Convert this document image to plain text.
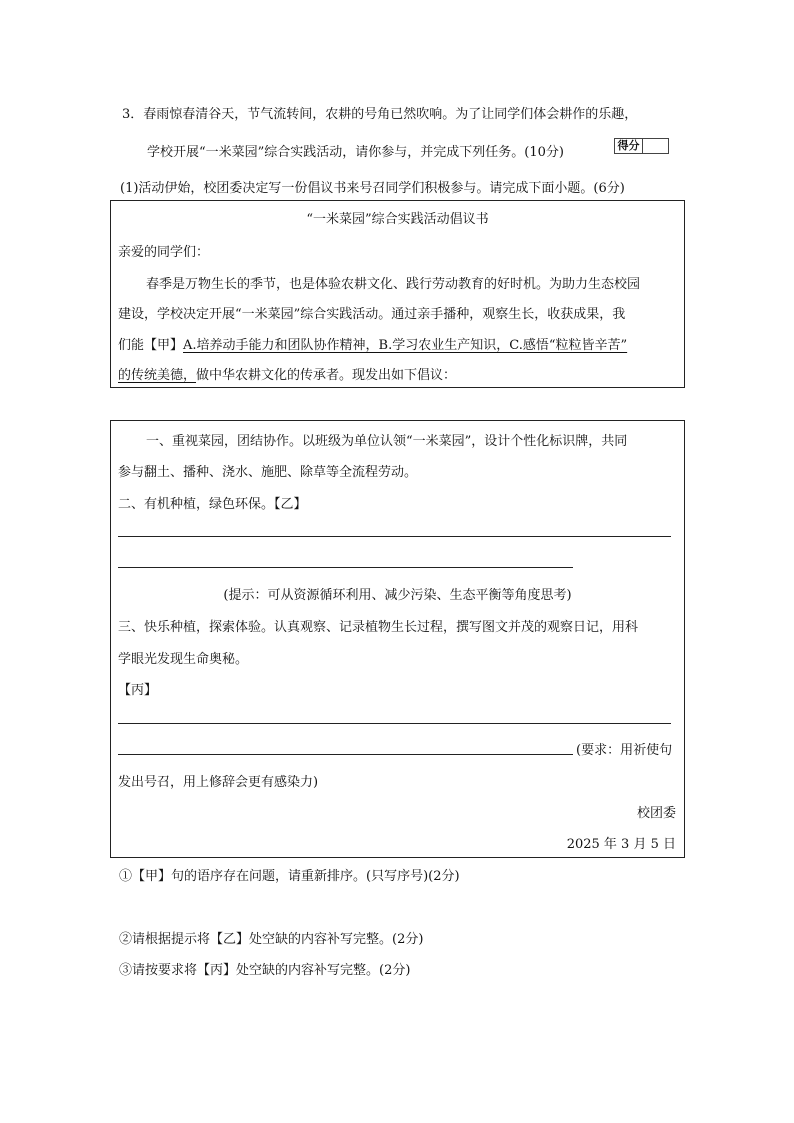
3．春雨惊春清谷天，节气流转间，农耕的号角已然吹响。为了让同学们体会耕作的乐趣，
学校开展“一米菜园”综合实践活动，请你参与，并完成下列任务。(10分)	得分
(1)活动伊始，校团委决定写一份倡议书来号召同学们积极参与。请完成下面小题。(6分)
“一米菜园”综合实践活动倡议书
亲爱的同学们：
春季是万物生长的季节，也是体验农耕文化、践行劳动教育的好时机。为助力生态校园
建设，学校决定开展“一米菜园”综合实践活动。通过亲手播种，观察生长，收获成果，我
们能【甲】A.培养动手能力和团队协作精神，B.学习农业生产知识，C.感悟“粒粒皆辛苦”
的传统美德，做中华农耕文化的传承者。现发出如下倡议：
一、重视菜园，团结协作。以班级为单位认领“一米菜园”，设计个性化标识牌，共同
参与翻土、播种、浇水、施肥、除草等全流程劳动。
二、有机种植，绿色环保。【乙】
(提示：可从资源循环利用、减少污染、生态平衡等角度思考)
三、快乐种植，探索体验。认真观察、记录植物生长过程，撰写图文并茂的观察日记，用科
学眼光发现生命奥秘。
【丙】
(要求：用祈使句
发出号召，用上修辞会更有感染力)
校团委
2025 年 3 月 5 日
①【甲】句的语序存在问题，请重新排序。(只写序号)(2分)
②请根据提示将【乙】处空缺的内容补写完整。(2分)
③请按要求将【丙】处空缺的内容补写完整。(2分)
